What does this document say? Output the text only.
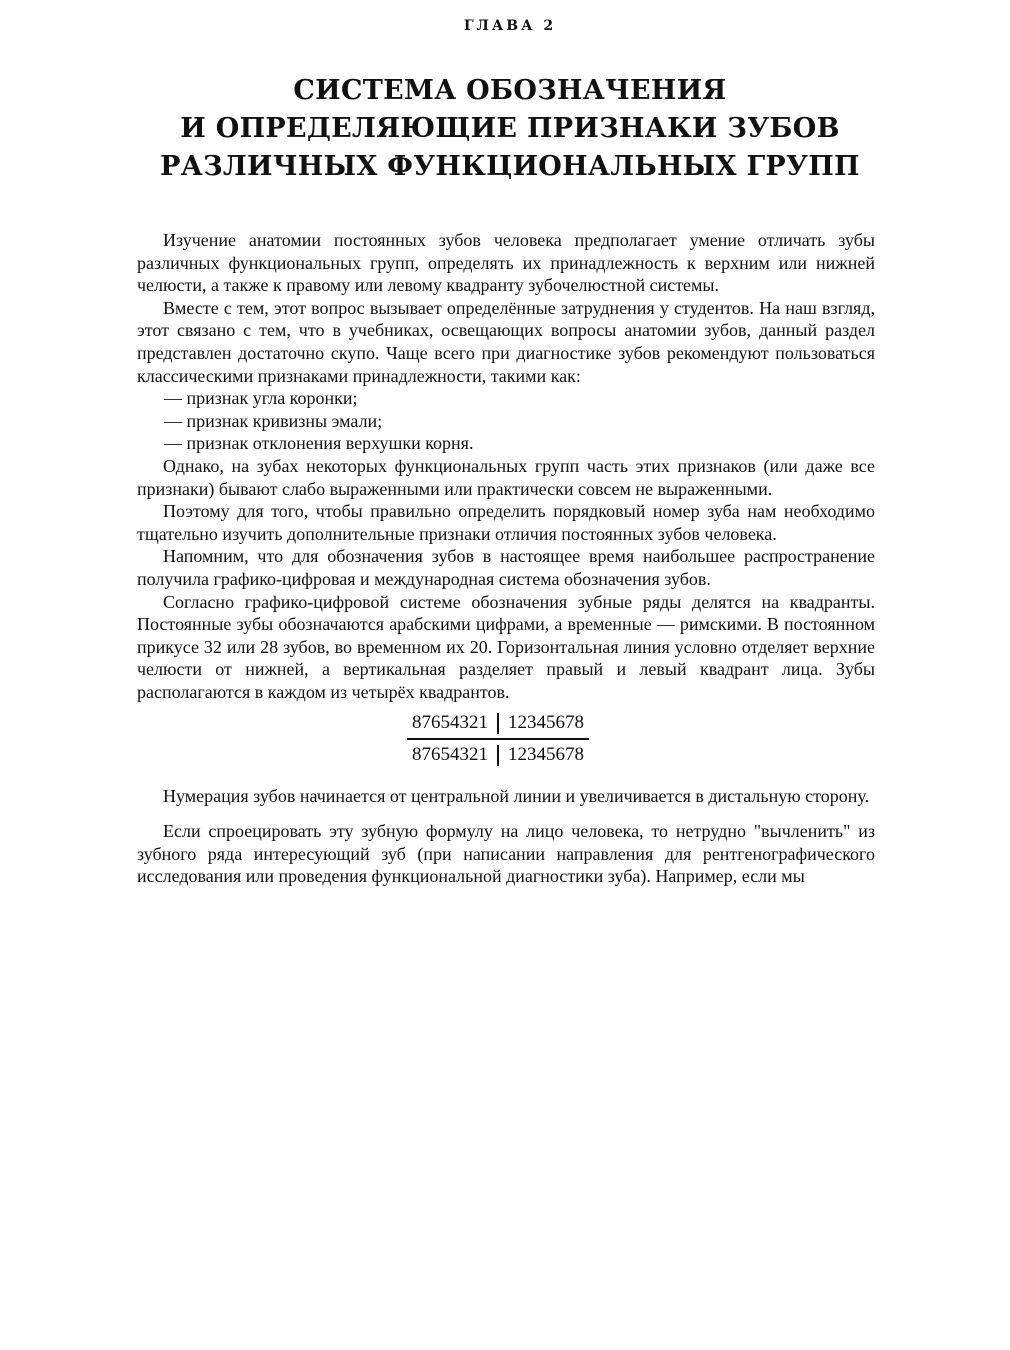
ГЛАВА 2
СИСТЕМА ОБОЗНАЧЕНИЯ
И ОПРЕДЕЛЯЮЩИЕ ПРИЗНАКИ ЗУБОВ
РАЗЛИЧНЫХ ФУНКЦИОНАЛЬНЫХ ГРУПП

Изучение анатомии постоянных зубов человека предполагает умение отличать зубы различных функциональных групп, определять их принадлежность к верхним или нижней челюсти, а также к правому или левому квадранту зубочелюстной системы.

Вместе с тем, этот вопрос вызывает определённые затруднения у студентов. На наш взгляд, этот связано с тем, что в учебниках, освещающих вопросы анатомии зубов, данный раздел представлен достаточно скупо. Чаще всего при диагностике зубов рекомендуют пользоваться классическими признаками принадлежности, такими как:

— признак угла коронки;

— признак кривизны эмали;

— признак отклонения верхушки корня.

Однако, на зубах некоторых функциональных групп часть этих признаков (или даже все признаки) бывают слабо выраженными или практически совсем не выраженными.

Поэтому для того, чтобы правильно определить порядковый номер зуба нам необходимо тщательно изучить дополнительные признаки отличия постоянных зубов человека.

Напомним, что для обозначения зубов в настоящее время наибольшее распространение получила графико-цифровая и международная система обозначения зубов.

Согласно графико-цифровой системе обозначения зубные ряды делятся на квадранты. Постоянные зубы обозначаются арабскими цифрами, а временные — римскими. В постоянном прикусе 32 или 28 зубов, во временном их 20. Горизонтальная линия условно отделяет верхние челюсти от нижней, а вертикальная разделяет правый и левый квадрант лица. Зубы располагаются в каждом из четырёх квадрантов.

87654321 12345678
87654321 12345678

Нумерация зубов начинается от центральной линии и увеличивается в дистальную сторону.

Если спроецировать эту зубную формулу на лицо человека, то нетрудно "вычленить" из зубного ряда интересующий зуб (при написании направления для рентгенографического исследования или проведения функциональной диагностики зуба). Например, если мы
